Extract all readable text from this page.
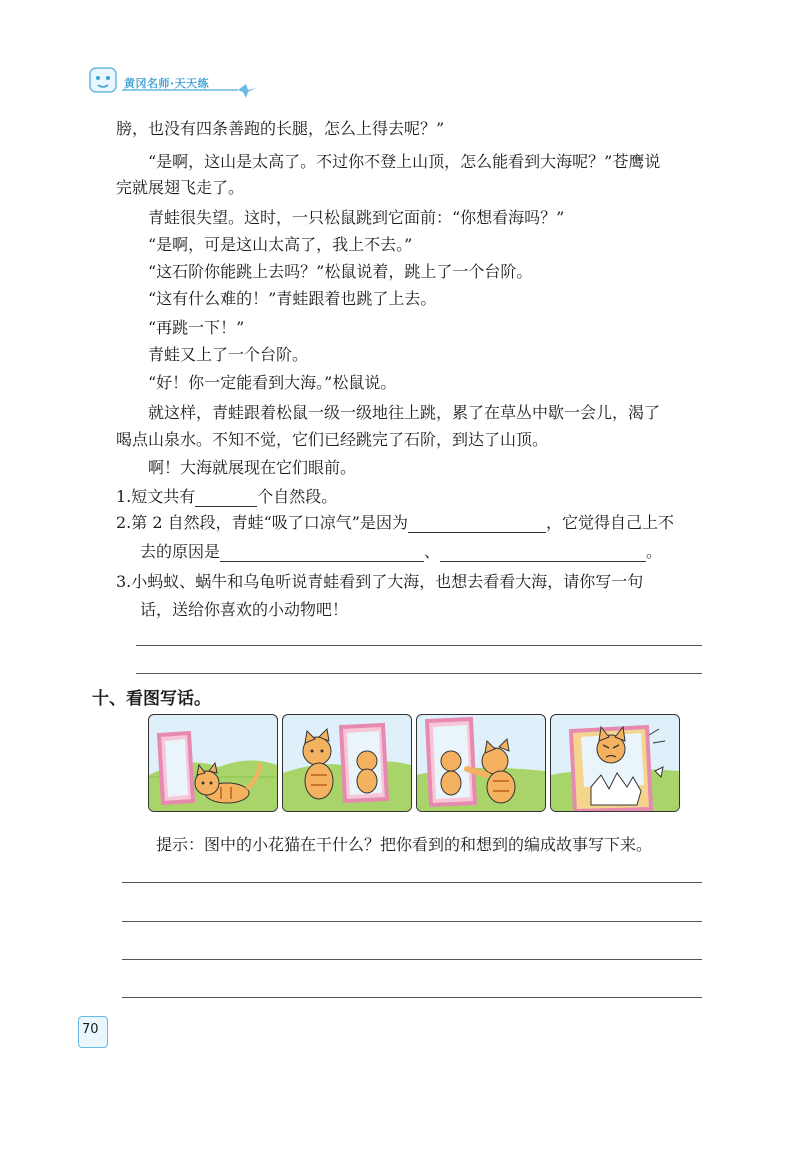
黄冈名师·天天练
膀，也没有四条善跑的长腿，怎么上得去呢？”
“是啊，这山是太高了。不过你不登上山顶，怎么能看到大海呢？”苍鹰说
完就展翅飞走了。
青蛙很失望。这时，一只松鼠跳到它面前：“你想看海吗？”
“是啊，可是这山太高了，我上不去。”
“这石阶你能跳上去吗？”松鼠说着，跳上了一个台阶。
“这有什么难的！”青蛙跟着也跳了上去。
“再跳一下！”
青蛙又上了一个台阶。
“好！你一定能看到大海。”松鼠说。
就这样，青蛙跟着松鼠一级一级地往上跳，累了在草丛中歇一会儿，渴了
喝点山泉水。不知不觉，它们已经跳完了石阶，到达了山顶。
啊！大海就展现在它们眼前。
1.短文共有	个自然段。
2.第 2 自然段，青蛙“吸了口凉气”是因为	，它觉得自己上不
去的原因是	、	。
3.小蚂蚁、蜗牛和乌龟听说青蛙看到了大海，也想去看看大海，请你写一句
话，送给你喜欢的小动物吧！
十、看图写话。
提示：图中的小花猫在干什么？把你看到的和想到的编成故事写下来。
70
